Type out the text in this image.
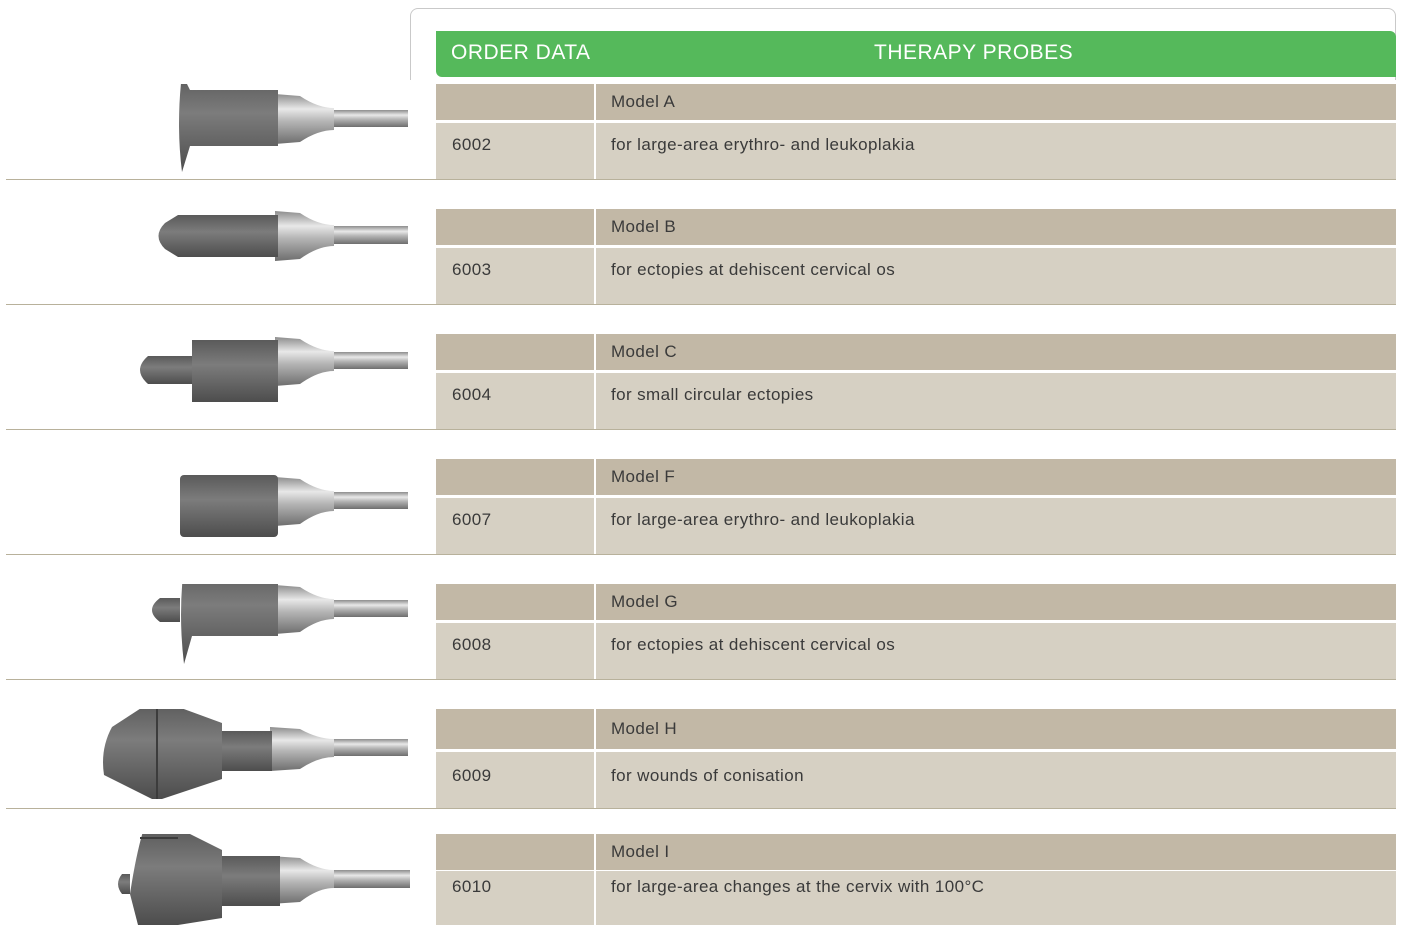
ORDER DATA	THERAPY PROBES
Model A
6002	for large-area erythro- and leukoplakia
Model B
6003	for ectopies at dehiscent cervical os
Model C
6004	for small circular ectopies
Model F
6007	for large-area erythro- and leukoplakia
Model G
6008	for ectopies at dehiscent cervical os
Model H
6009	for wounds of conisation
Model I
6010	for large-area changes at the cervix with 100°C
